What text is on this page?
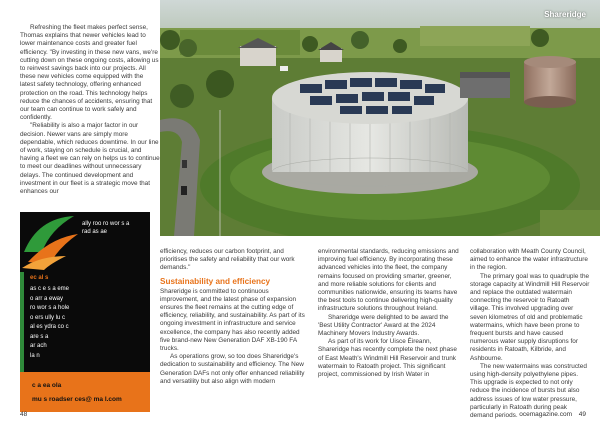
Refreshing the fleet makes perfect sense, Thomas explains that newer vehicles lead to lower maintenance costs and greater fuel efficiency. "By investing in these new vans, we're cutting down on these ongoing costs, allowing us to reinvest savings back into our projects. All these new vehicles come equipped with the latest safety technology, offering enhanced protection on the road. This technology helps reduce the chances of accidents, ensuring that our team can continue to work safely and confidently.

"Reliability is also a major factor in our decision. Newer vans are simply more dependable, which reduces downtime. In our line of work, staying on schedule is crucial, and having a fleet we can rely on helps us to continue to meet our deadlines without unnecessary delays. The continued development and investment in our fleet is a strategic move that enhances our

Shareridge
ally roo ro wor s a
rad as ae
ec al s
as c e s a eme
o arr a eway
ro wor s a hole
o ers ully lu c
al es ydra co c
are s a
ar ach
la n
c a ea ola
mu s roadser ces@ ma l.com

efficiency, reduces our carbon footprint, and prioritises the safety and reliability that our work demands."

Sustainability and efficiency

Shareridge is committed to continuous improvement, and the latest phase of expansion ensures the fleet remains at the cutting edge of efficiency, reliability, and sustainability. As part of its ongoing investment in infrastructure and service excellence, the company has also recently added five brand-new New Generation DAF XB-190 FA trucks.

As operations grow, so too does Shareridge's dedication to sustainability and efficiency. The New Generation DAFs not only offer enhanced reliability and versatility but also align with modern

environmental standards, reducing emissions and improving fuel efficiency. By incorporating these advanced vehicles into the fleet, the company remains focused on providing smarter, greener, and more reliable solutions for clients and communities nationwide, ensuring its teams have the best tools to continue delivering high-quality infrastructure solutions throughout Ireland.

Shareridge were delighted to be award the 'Best Utility Contractor' Award at the 2024 Machinery Movers Industry Awards.

As part of its work for Uisce Éireann, Shareridge has recently complete the next phase of East Meath's Windmill Hill Reservoir and trunk watermain to Ratoath project. This significant project, commissioned by Irish Water in

collaboration with Meath County Council, aimed to enhance the water infrastructure in the region.

The primary goal was to quadruple the storage capacity at Windmill Hill Reservoir and replace the outdated watermain connecting the reservoir to Ratoath village. This involved upgrading over seven kilometres of old and problematic watermains, which have been prone to frequent bursts and have caused numerous water supply disruptions for residents in Ratoath, Kilbride, and Ashbourne.

The new watermains was constructed using high-density polyethylene pipes. This upgrade is expected to not only reduce the incidence of bursts but also address issues of low water pressure, particularly in Ratoath during peak demand periods.

48	ocemagazine.com 49
